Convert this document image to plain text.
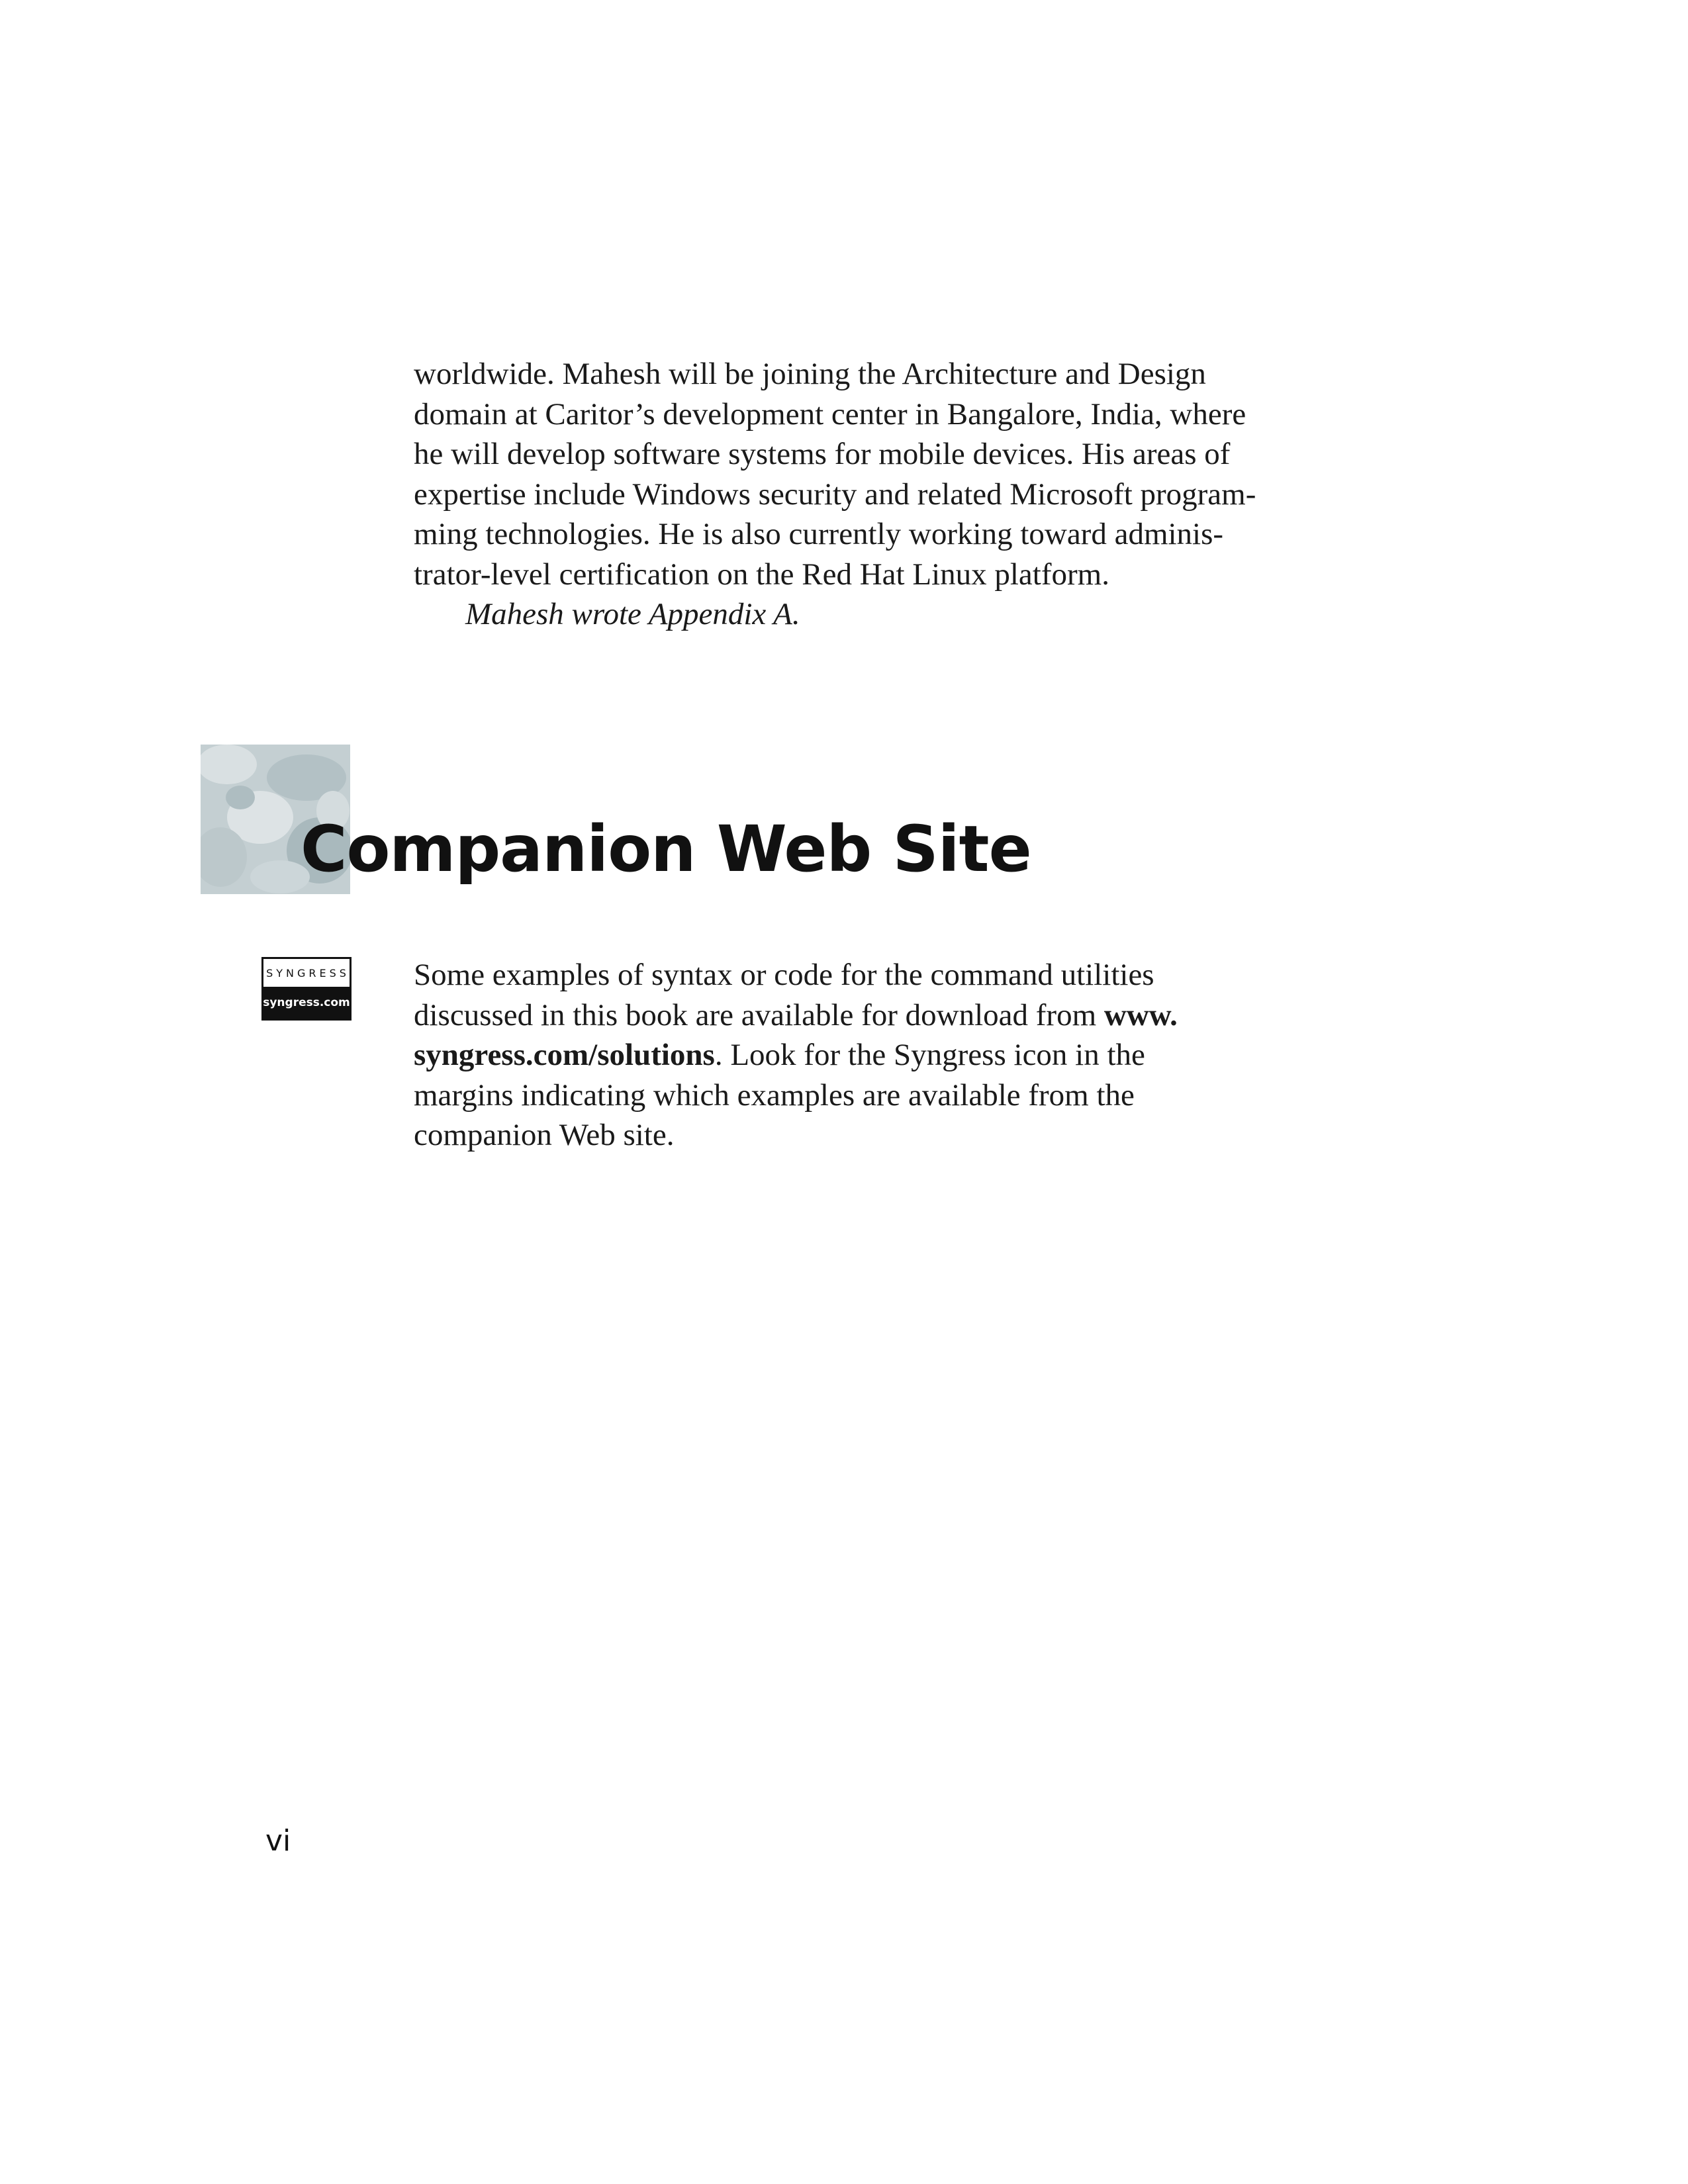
worldwide. Mahesh will be joining the Architecture and Design
domain at Caritor’s development center in Bangalore, India, where
he will develop software systems for mobile devices. His areas of
expertise include Windows security and related Microsoft program-
ming technologies. He is also currently working toward adminis-
trator-level certification on the Red Hat Linux platform.
Mahesh wrote Appendix A.
Companion Web Site
SYNGRESS
syngress.com
Some examples of syntax or code for the command utilities
discussed in this book are available for download from www.
syngress.com/solutions. Look for the Syngress icon in the
margins indicating which examples are available from the
companion Web site.
vi
